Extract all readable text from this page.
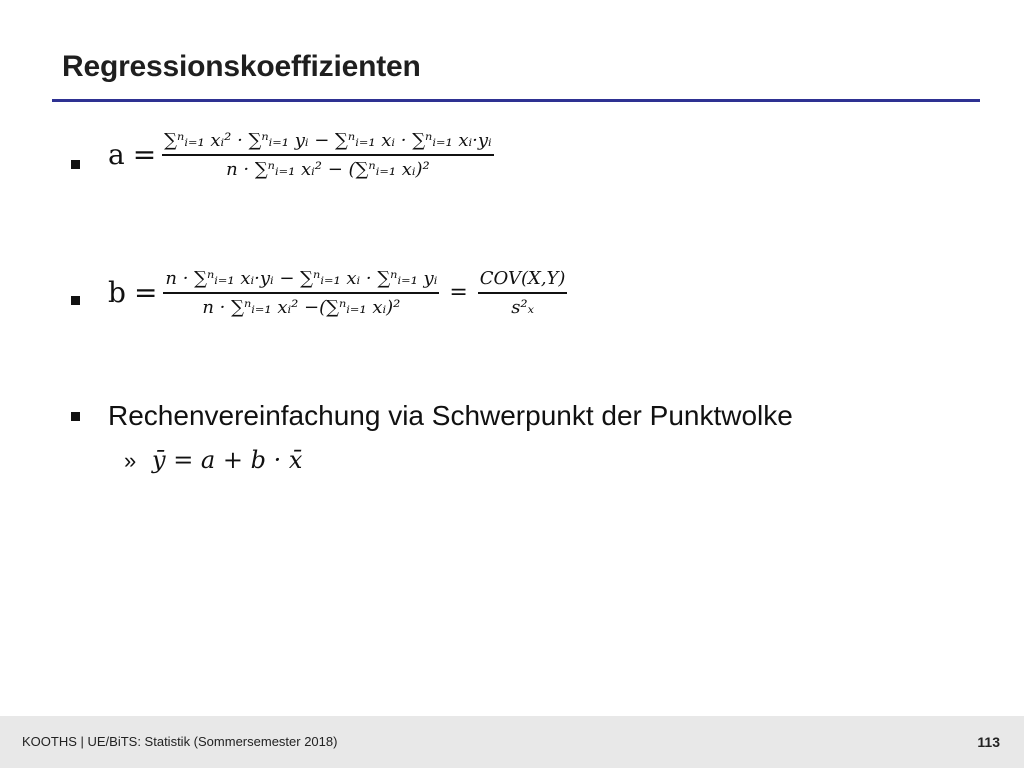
Regressionskoeffizienten
$a = \frac{\text{∑ⁿᵢ₌₁ xᵢ² · ∑ⁿᵢ₌₁ yᵢ − ∑ⁿᵢ₌₁ xᵢ · ∑ⁿᵢ₌₁ xᵢ·yᵢ}}{\text{n · ∑ⁿᵢ₌₁ xᵢ² − (∑ⁿᵢ₌₁ xᵢ)²}}$
$b = \frac{\text{n · ∑ⁿᵢ₌₁ xᵢ·yᵢ − ∑ⁿᵢ₌₁ xᵢ · ∑ⁿᵢ₌₁ yᵢ}}{\text{n · ∑ⁿᵢ₌₁ xᵢ² −(∑ⁿᵢ₌₁ xᵢ)²}} = \frac{\text{COV(X,Y)}}{\text{s²ₓ}}$
Rechenvereinfachung via Schwerpunkt der Punktwolke
» ȳ = a + b · x̄
KOOTHS | UE/BiTS: Statistik (Sommersemester 2018)	113
